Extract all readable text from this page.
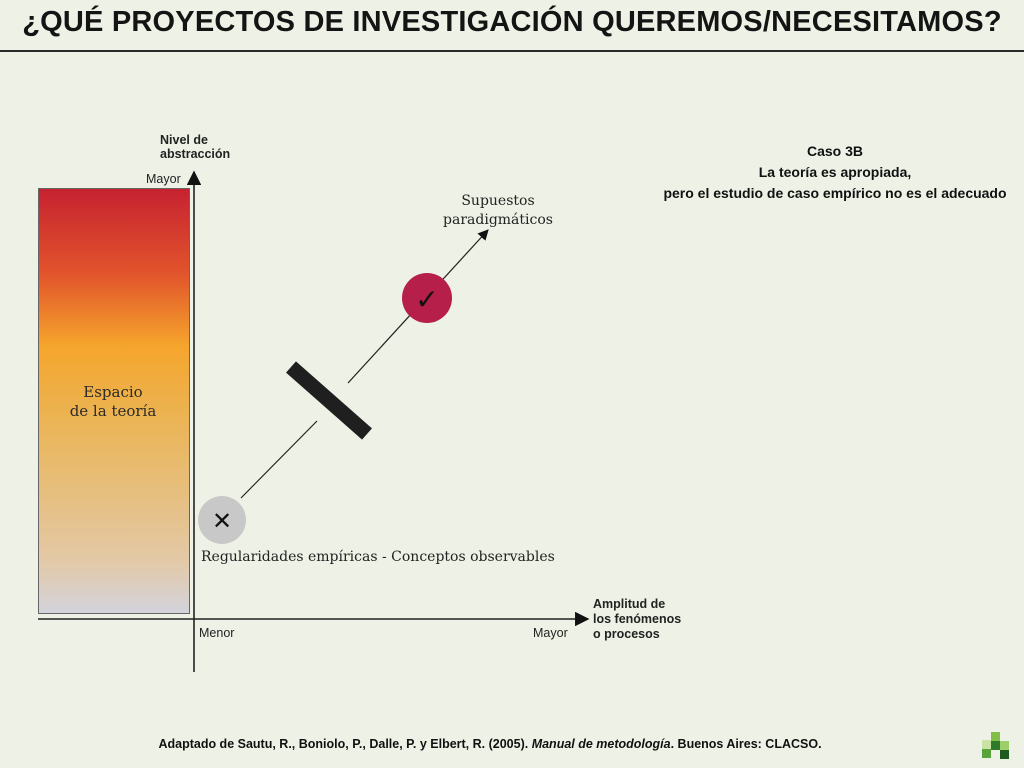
¿QUÉ PROYECTOS DE INVESTIGACIÓN QUEREMOS/NECESITAMOS?
Caso 3B
La teoría es apropiada,
pero el estudio de caso empírico no es el adecuado
Espacio
de la teoría
✓
✕
Nivel de
abstracción
Mayor
Menor	Mayor
Amplitud de
los fenómenos
o procesos
Supuestos
paradigmáticos
Regularidades empíricas - Conceptos observables
Adaptado de Sautu, R., Boniolo, P., Dalle, P. y Elbert, R. (2005). Manual de metodología. Buenos Aires: CLACSO.
